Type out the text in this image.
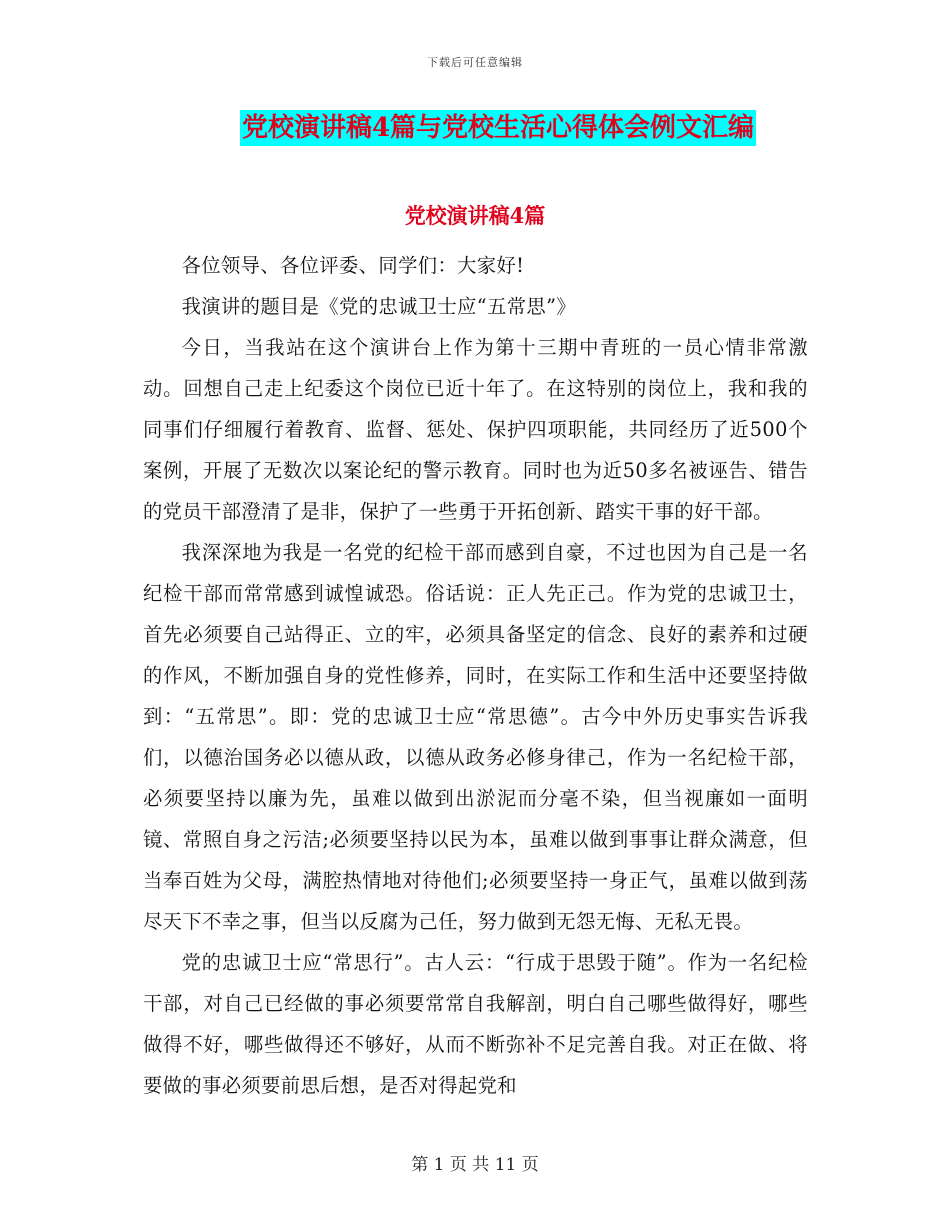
下载后可任意编辑
党校演讲稿4篇与党校生活心得体会例文汇编
党校演讲稿4篇

各位领导、各位评委、同学们：大家好!

我演讲的题目是《党的忠诚卫士应“五常思”》

今日，当我站在这个演讲台上作为第十三期中青班的一员心情非常激动。回想自己走上纪委这个岗位已近十年了。在这特别的岗位上，我和我的同事们仔细履行着教育、监督、惩处、保护四项职能，共同经历了近500个案例，开展了无数次以案论纪的警示教育。同时也为近50多名被诬告、错告的党员干部澄清了是非，保护了一些勇于开拓创新、踏实干事的好干部。

我深深地为我是一名党的纪检干部而感到自豪，不过也因为自己是一名纪检干部而常常感到诚惶诚恐。俗话说：正人先正己。作为党的忠诚卫士，首先必须要自己站得正、立的牢，必须具备坚定的信念、良好的素养和过硬的作风，不断加强自身的党性修养，同时，在实际工作和生活中还要坚持做到：“五常思”。即：党的忠诚卫士应“常思德”。古今中外历史事实告诉我们，以德治国务必以德从政，以德从政务必修身律己，作为一名纪检干部，必须要坚持以廉为先，虽难以做到出淤泥而分毫不染，但当视廉如一面明镜、常照自身之污洁;必须要坚持以民为本，虽难以做到事事让群众满意，但当奉百姓为父母，满腔热情地对待他们;必须要坚持一身正气，虽难以做到荡尽天下不幸之事，但当以反腐为己任，努力做到无怨无悔、无私无畏。

党的忠诚卫士应“常思行”。古人云：“行成于思毁于随”。作为一名纪检干部，对自己已经做的事必须要常常自我解剖，明白自己哪些做得好，哪些做得不好，哪些做得还不够好，从而不断弥补不足完善自我。对正在做、将要做的事必须要前思后想，是否对得起党和

第 1 页 共 11 页
